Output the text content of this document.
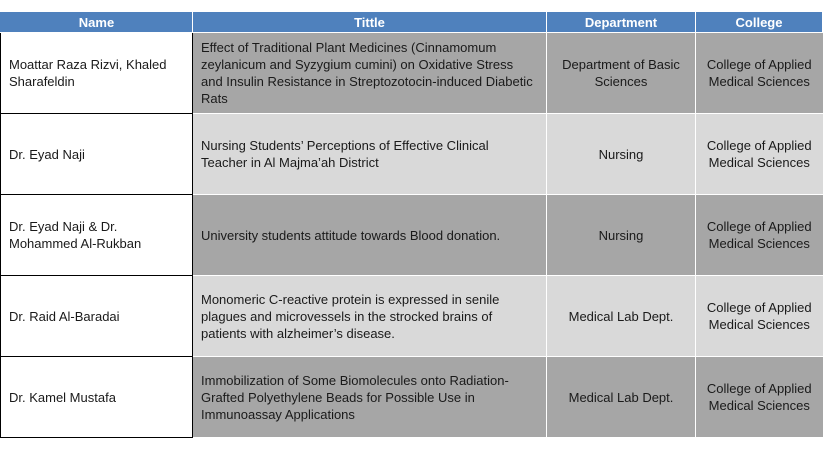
Name	Tittle	Department	College
Moattar Raza Rizvi, Khaled Sharafeldin	Effect of Traditional Plant Medicines (Cinnamomum zeylanicum and Syzygium cumini) on Oxidative Stress and Insulin Resistance in Streptozotocin-induced Diabetic Rats	Department of Basic Sciences	College of Applied Medical Sciences
Dr. Eyad Naji	Nursing Students’ Perceptions of Effective Clinical Teacher in Al Majma’ah District	Nursing	College of Applied Medical Sciences
Dr. Eyad Naji & Dr. Mohammed Al-Rukban	University students attitude towards Blood donation.	Nursing	College of Applied Medical Sciences
Dr. Raid Al-Baradai	Monomeric C-reactive protein is expressed in senile plagues and microvessels in the strocked brains of patients with alzheimer’s disease.	Medical Lab Dept.	College of Applied Medical Sciences
Dr. Kamel Mustafa	Immobilization of Some Biomolecules onto Radiation-Grafted Polyethylene Beads for Possible Use in Immunoassay Applications	Medical Lab Dept.	College of Applied Medical Sciences
